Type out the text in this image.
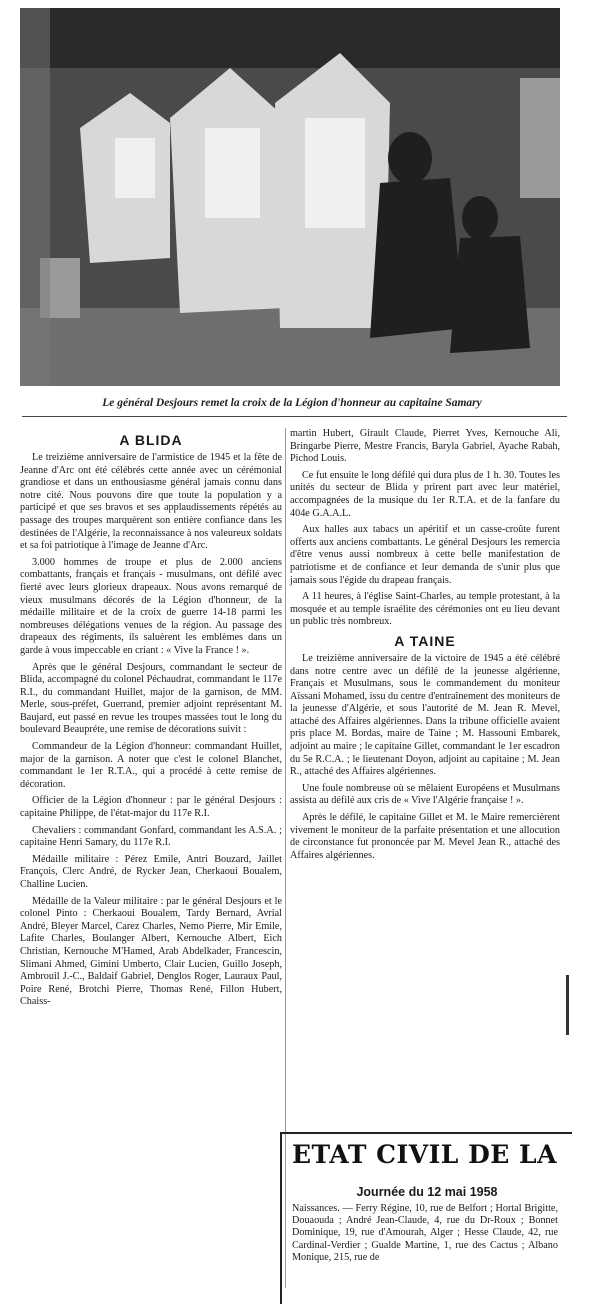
Le général Desjours remet la croix de la Légion d'honneur au capitaine Samary
A BLIDA

Le treizième anniversaire de l'armistice de 1945 et la fête de Jeanne d'Arc ont été célébrés cette année avec un cérémonial grandiose et dans un enthousiasme général jamais connu dans notre cité. Nous pouvons dire que toute la population y a participé et que ses bravos et ses applaudissements répétés au passage des troupes marquèrent son entière confiance dans les destinées de l'Algérie, la reconnaissance à nos valeureux soldats et sa foi patriotique à l'image de Jeanne d'Arc.

3.000 hommes de troupe et plus de 2.000 anciens combattants, français et français - musulmans, ont défilé avec fierté avec leurs glorieux drapeaux. Nous avons remarqué de vieux musulmans décorés de la Légion d'honneur, de la médaille militaire et de la croix de guerre 14-18 parmi les nombreuses délégations venues de la région. Au passage des drapeaux des régiments, ils saluèrent les emblèmes dans un garde à vous impeccable en criant : « Vive la France ! ».

Après que le général Desjours, commandant le secteur de Blida, accompagné du colonel Péchaudrat, commandant le 117e R.I., du commandant Huillet, major de la garnison, de MM. Merle, sous-préfet, Guerrand, premier adjoint représentant M. Baujard, eut passé en revue les troupes massées tout le long du boulevard Beaupréte, une remise de décorations suivit :

Commandeur de la Légion d'honneur: commandant Huillet, major de la garnison. A noter que c'est le colonel Blanchet, commandant le 1er R.T.A., qui a procédé à cette remise de décoration.

Officier de la Légion d'honneur : par le général Desjours : capitaine Philippe, de l'état-major du 117e R.I.

Chevaliers : commandant Gonfard, commandant les A.S.A. ; capitaine Henri Samary, du 117e R.I.

Médaille militaire : Pérez Emile, Antri Bouzard, Jaillet François, Clerc André, de Rycker Jean, Cherkaoui Boualem, Challine Lucien.

Médaille de la Valeur militaire : par le général Desjours et le colonel Pinto : Cherkaoui Boualem, Tardy Bernard, Avrial André, Bleyer Marcel, Carez Charles, Nemo Pierre, Mir Emile, Lafite Charles, Boulanger Albert, Kernouche Albert, Eich Christian, Kernouche M'Hamed, Arab Abdelkader, Francescin, Slimani Ahmed, Gimini Umberto, Clair Lucien, Guillo Joseph, Ambrouil J.-C., Baldaif Gabriel, Denglos Roger, Lauraux Paul, Poire René, Brotchi Pierre, Thomas René, Fillon Hubert, Chaiss-

martin Hubert, Girault Claude, Pierret Yves, Kernouche Ali, Bringarbe Pierre, Mestre Francis, Baryla Gabriel, Ayache Rabah, Pichod Louis.

Ce fut ensuite le long défilé qui dura plus de 1 h. 30. Toutes les unités du secteur de Blida y prirent part avec leur matériel, accompagnées de la musique du 1er R.T.A. et de la fanfare du 404e G.A.A.L.

Aux halles aux tabacs un apéritif et un casse-croûte furent offerts aux anciens combattants. Le général Desjours les remercia d'être venus aussi nombreux à cette belle manifestation de patriotisme et de confiance et leur demanda de s'unir plus que jamais sous l'égide du drapeau français.

A 11 heures, à l'église Saint-Charles, au temple protestant, à la mosquée et au temple israélite des cérémonies ont eu lieu devant un public très nombreux.

A TAINE

Le treizième anniversaire de la victoire de 1945 a été célébré dans notre centre avec un défilé de la jeunesse algérienne, Français et Musulmans, sous le commandement du moniteur Aïssani Mohamed, issu du centre d'entraînement des moniteurs de la jeunesse d'Algérie, et sous l'autorité de M. Jean R. Mevel, attaché des Affaires algériennes. Dans la tribune officielle avaient pris place M. Bordas, maire de Taine ; M. Hassouni Embarek, adjoint au maire ; le capitaine Gillet, commandant le 1er escadron du 5e R.C.A. ; le lieutenant Doyon, adjoint au capitaine ; M. Jean R., attaché des Affaires algériennes.

Une foule nombreuse où se mêlaient Européens et Musulmans assista au défilé aux cris de « Vive l'Algérie française ! ».

Après le défilé, le capitaine Gillet et M. le Maire remercièrent vivement le moniteur de la parfaite présentation et une allocution de circonstance fut prononcée par M. Mevel Jean R., attaché des Affaires algériennes.

ETAT CIVIL DE LA
Journée du 12 mai 1958
Naissances. — Ferry Régine, 10, rue de Belfort ; Hortal Brigitte, Douaouda ; André Jean-Claude, 4, rue du Dr-Roux ; Bonnet Dominique, 19, rue d'Amourah, Alger ; Hesse Claude, 42, rue Cardinal-Verdier ; Gualde Martine, 1, rue des Cactus ; Albano Monique, 215, rue de
